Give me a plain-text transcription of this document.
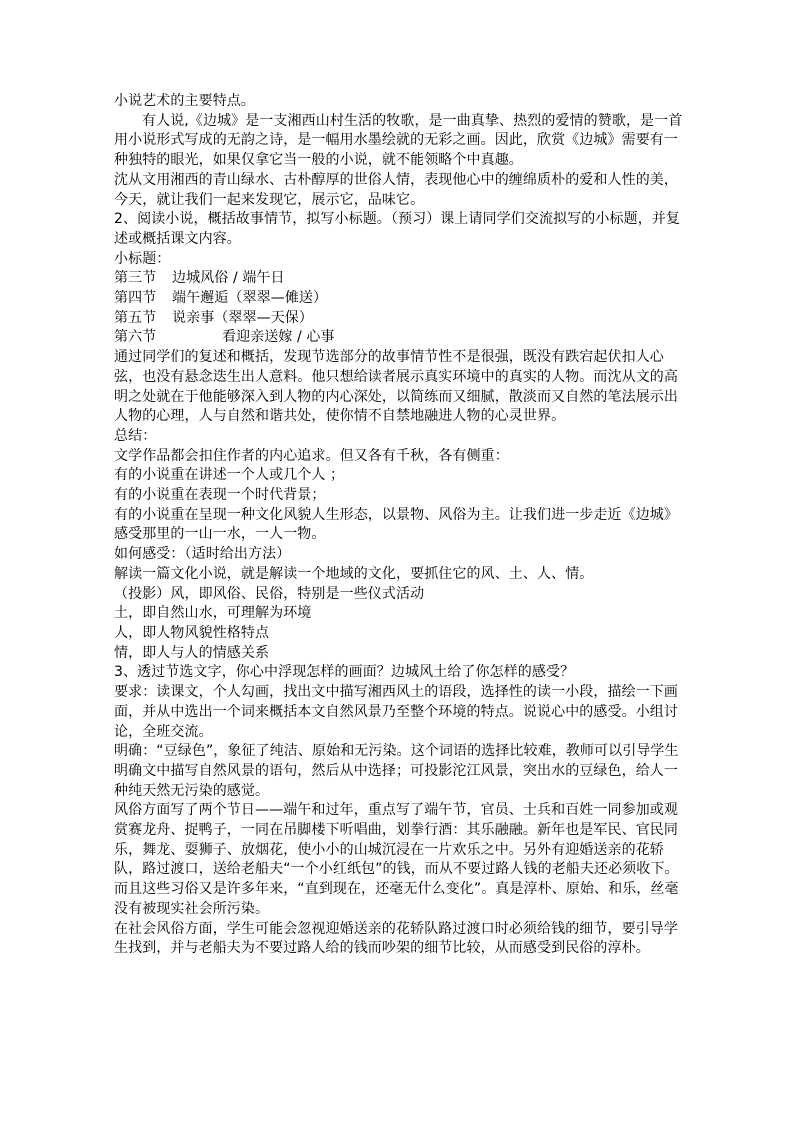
小说艺术的主要特点。

有人说,《边城》是一支湘西山村生活的牧歌，是一曲真挚、热烈的爱情的赞歌，是一首用小说形式写成的无韵之诗，是一幅用水墨绘就的无彩之画。因此，欣赏《边城》需要有一种独特的眼光，如果仅拿它当一般的小说，就不能领略个中真趣。

沈从文用湘西的青山绿水、古朴醇厚的世俗人情，表现他心中的缠绵质朴的爱和人性的美，今天，就让我们一起来发现它，展示它，品味它。

2、阅读小说，概括故事情节，拟写小标题。（预习）课上请同学们交流拟写的小标题，并复述或概括课文内容。

小标题：

第三节	边城风俗 / 端午日
第四节	端午邂逅（翠翠—傩送）
第五节	说亲事（翠翠—天保）
第六节	看迎亲送嫁 / 心事

通过同学们的复述和概括，发现节选部分的故事情节性不是很强，既没有跌宕起伏扣人心弦，也没有悬念迭生出人意料。他只想给读者展示真实环境中的真实的人物。而沈从文的高明之处就在于他能够深入到人物的内心深处，以简练而又细腻，散淡而又自然的笔法展示出人物的心理，人与自然和谐共处，使你情不自禁地融进人物的心灵世界。

总结：

文学作品都会扣住作者的内心追求。但又各有千秋，各有侧重：

有的小说重在讲述一个人或几个人 ；

有的小说重在表现一个时代背景；

有的小说重在呈现一种文化风貌人生形态，以景物、风俗为主。让我们进一步走近《边城》感受那里的一山一水，一人一物。

如何感受：（适时给出方法）

解读一篇文化小说，就是解读一个地域的文化，要抓住它的风、土、人、情。

（投影）风，即风俗、民俗，特别是一些仪式活动

土，即自然山水，可理解为环境

人，即人物风貌性格特点

情，即人与人的情感关系

3、透过节选文字，你心中浮现怎样的画面？边城风土给了你怎样的感受？

要求：读课文，个人勾画，找出文中描写湘西风土的语段，选择性的读一小段，描绘一下画面，并从中选出一个词来概括本文自然风景乃至整个环境的特点。说说心中的感受。小组讨论，全班交流。

明确：“豆绿色”，象征了纯洁、原始和无污染。这个词语的选择比较难，教师可以引导学生明确文中描写自然风景的语句，然后从中选择；可投影沱江风景，突出水的豆绿色，给人一种纯天然无污染的感觉。

风俗方面写了两个节日——端午和过年，重点写了端午节，官员、士兵和百姓一同参加或观赏赛龙舟、捉鸭子，一同在吊脚楼下听唱曲，划拳行酒：其乐融融。新年也是军民、官民同乐，舞龙、耍狮子、放烟花，使小小的山城沉浸在一片欢乐之中。另外有迎婚送亲的花轿队，路过渡口，送给老船夫“一个小红纸包”的钱，而从不要过路人钱的老船夫还必须收下。而且这些习俗又是许多年来，“直到现在，还毫无什么变化”。真是淳朴、原始、和乐，丝毫没有被现实社会所污染。

在社会风俗方面，学生可能会忽视迎婚送亲的花轿队路过渡口时必须给钱的细节，要引导学生找到，并与老船夫为不要过路人给的钱而吵架的细节比较，从而感受到民俗的淳朴。
